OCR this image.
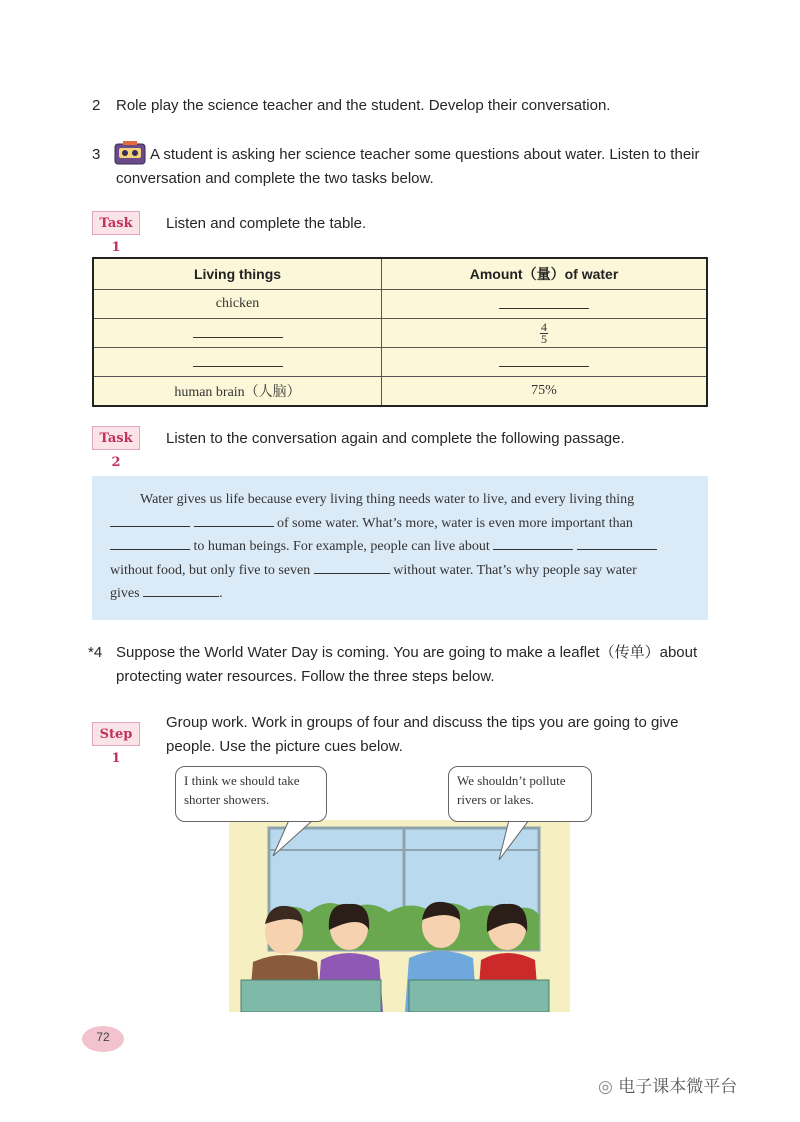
2 Role play the science teacher and the student. Develop their conversation.
3	A student is asking her science teacher some questions about water. Listen to their conversation and complete the two tasks below.
Task 1
Listen and complete the table.
Living things	Amount（量）of water
chicken	

	$\frac{4}{5}$

human brain（人脑）	75%
Task 2
Listen to the conversation again and complete the following passage.
Water gives us life because every living thing needs water to live, and every living thing
of some water. What’s more, water is even more important than
to human beings. For example, people can live about
without food, but only five to seven	without water. That’s why people say water
gives	.
*4 Suppose the World Water Day is coming. You are going to make a leaflet（传单）about protecting water resources. Follow the three steps below.
Step 1
Group work. Work in groups of four and discuss the tips you are going to give people. Use the picture cues below.
I think we should take shorter showers.
We shouldn’t pollute rivers or lakes.
72
◎ 电子课本微平台
